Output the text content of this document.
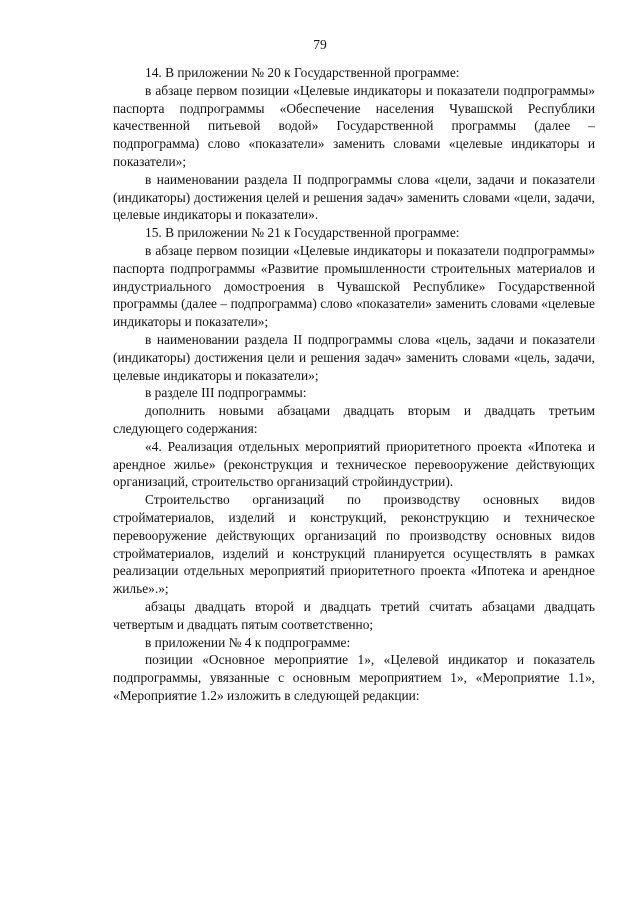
79

14. В приложении № 20 к Государственной программе:

в абзаце первом позиции «Целевые индикаторы и показатели подпрограммы» паспорта подпрограммы «Обеспечение населения Чувашской Республики качественной питьевой водой» Государственной программы (далее – подпрограмма) слово «показатели» заменить словами «целевые индикаторы и показатели»;

в наименовании раздела II подпрограммы слова «цели, задачи и показатели (индикаторы) достижения целей и решения задач» заменить словами «цели, задачи, целевые индикаторы и показатели».

15. В приложении № 21 к Государственной программе:

в абзаце первом позиции «Целевые индикаторы и показатели подпрограммы» паспорта подпрограммы «Развитие промышленности строительных материалов и индустриального домостроения в Чувашской Республике» Государственной программы (далее – подпрограмма) слово «показатели» заменить словами «целевые индикаторы и показатели»;

в наименовании раздела II подпрограммы слова «цель, задачи и показатели (индикаторы) достижения цели и решения задач» заменить словами «цель, задачи, целевые индикаторы и показатели»;

в разделе III подпрограммы:

дополнить новыми абзацами двадцать вторым и двадцать третьим следующего содержания:

«4. Реализация отдельных мероприятий приоритетного проекта «Ипотека и арендное жилье» (реконструкция и техническое перевооружение действующих организаций, строительство организаций стройиндустрии).

Строительство организаций по производству основных видов стройматериалов, изделий и конструкций, реконструкцию и техническое перевооружение действующих организаций по производству основных видов стройматериалов, изделий и конструкций планируется осуществлять в рамках реализации отдельных мероприятий приоритетного проекта «Ипотека и арендное жилье».»;

абзацы двадцать второй и двадцать третий считать абзацами двадцать четвертым и двадцать пятым соответственно;

в приложении № 4 к подпрограмме:

позиции «Основное мероприятие 1», «Целевой индикатор и показатель подпрограммы, увязанные с основным мероприятием 1», «Мероприятие 1.1», «Мероприятие 1.2» изложить в следующей редакции:
